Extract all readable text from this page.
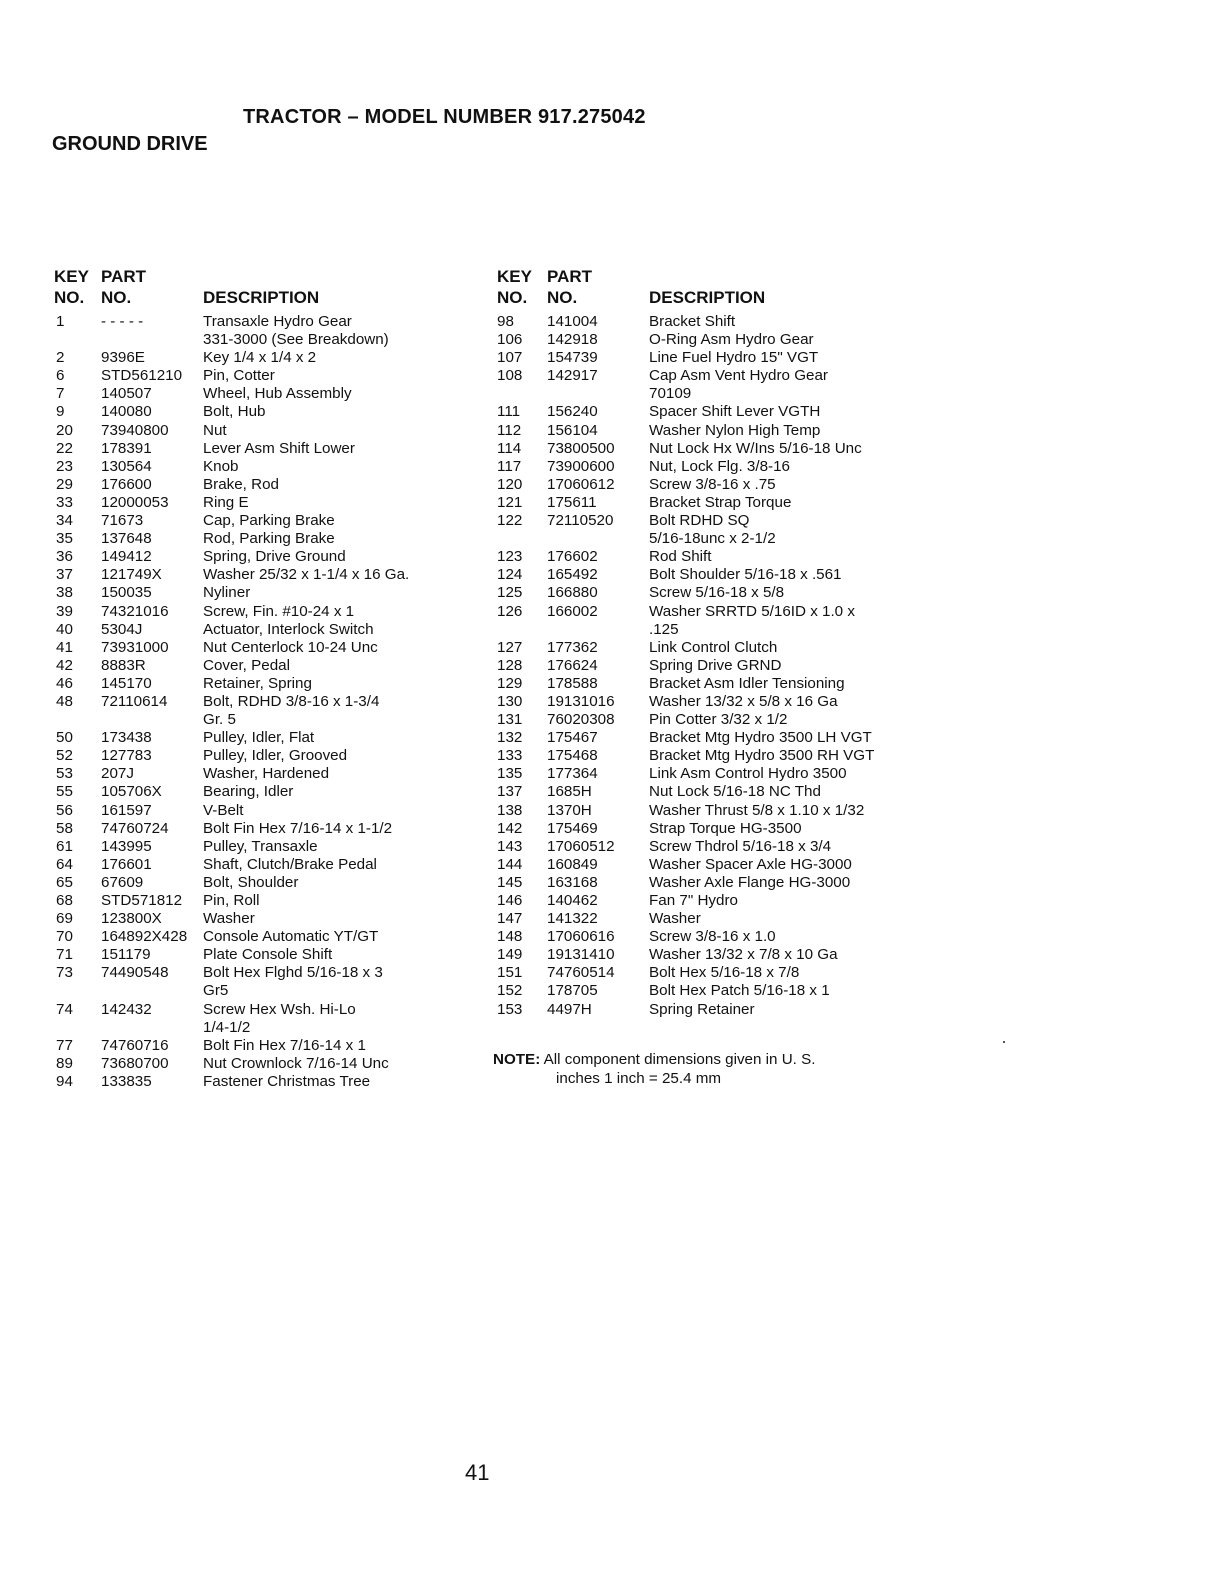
TRACTOR – MODEL NUMBER 917.275042
GROUND DRIVE
KEY
NO.
PART
NO.	DESCRIPTION
1 - - - - -	Transaxle Hydro Gear
331-3000 (See Breakdown)
2 9396E	Key 1/4 x 1/4 x 2
6 STD561210 Pin, Cotter
7 140507	Wheel, Hub Assembly
9 140080	Bolt, Hub
20 73940800 Nut
22 178391	Lever Asm Shift Lower
23 130564	Knob
29 176600	Brake, Rod
33 12000053 Ring E
34 71673	Cap, Parking Brake
35 137648	Rod, Parking Brake
36 149412	Spring, Drive Ground
37 121749X	Washer 25/32 x 1-1/4 x 16 Ga.
38 150035	Nyliner
39 74321016 Screw, Fin. #10-24 x 1
40 5304J	Actuator, Interlock Switch
41 73931000 Nut Centerlock 10-24 Unc
42 8883R	Cover, Pedal
46 145170	Retainer, Spring
48 72110614 Bolt, RDHD 3/8-16 x 1-3/4
Gr. 5
50 173438	Pulley, Idler, Flat
52 127783	Pulley, Idler, Grooved
53 207J	Washer, Hardened
55 105706X	Bearing, Idler
56 161597	V-Belt
58 74760724 Bolt Fin Hex 7/16-14 x 1-1/2
61 143995	Pulley, Transaxle
64 176601	Shaft, Clutch/Brake Pedal
65 67609	Bolt, Shoulder
68 STD571812 Pin, Roll
69 123800X	Washer
70 164892X428 Console Automatic YT/GT
71 151179	Plate Console Shift
73 74490548 Bolt Hex Flghd 5/16-18 x 3
Gr5
74 142432	Screw Hex Wsh. Hi-Lo
1/4-1/2
77 74760716 Bolt Fin Hex 7/16-14 x 1
89 73680700 Nut Crownlock 7/16-14 Unc
94 133835	Fastener Christmas Tree
KEY
NO.
PART
NO.	DESCRIPTION
98 141004	Bracket Shift
106 142918	O-Ring Asm Hydro Gear
107 154739	Line Fuel Hydro 15" VGT
108 142917	Cap Asm Vent Hydro Gear
70109
111 156240	Spacer Shift Lever VGTH
112 156104	Washer Nylon High Temp
114 73800500 Nut Lock Hx W/Ins 5/16-18 Unc
117 73900600 Nut, Lock Flg. 3/8-16
120 17060612 Screw 3/8-16 x .75
121 175611	Bracket Strap Torque
122 72110520 Bolt RDHD SQ
5/16-18unc x 2-1/2
123 176602	Rod Shift
124 165492	Bolt Shoulder 5/16-18 x .561
125 166880	Screw 5/16-18 x 5/8
126 166002	Washer SRRTD 5/16ID x 1.0 x
.125
127 177362	Link Control Clutch
128 176624	Spring Drive GRND
129 178588	Bracket Asm Idler Tensioning
130 19131016 Washer 13/32 x 5/8 x 16 Ga
131 76020308 Pin Cotter 3/32 x 1/2
132 175467	Bracket Mtg Hydro 3500 LH VGT
133 175468	Bracket Mtg Hydro 3500 RH VGT
135 177364	Link Asm Control Hydro 3500
137 1685H	Nut Lock 5/16-18 NC Thd
138 1370H	Washer Thrust 5/8 x 1.10 x 1/32
142 175469	Strap Torque HG-3500
143 17060512 Screw Thdrol 5/16-18 x 3/4
144 160849	Washer Spacer Axle HG-3000
145 163168	Washer Axle Flange HG-3000
146 140462	Fan 7" Hydro
147 141322	Washer
148 17060616 Screw 3/8-16 x 1.0
149 19131410 Washer 13/32 x 7/8 x 10 Ga
151 74760514 Bolt Hex 5/16-18 x 7/8
152 178705	Bolt Hex Patch 5/16-18 x 1
153 4497H	Spring Retainer
NOTE: All component dimensions given in U. S.
inches 1 inch = 25.4 mm
41
